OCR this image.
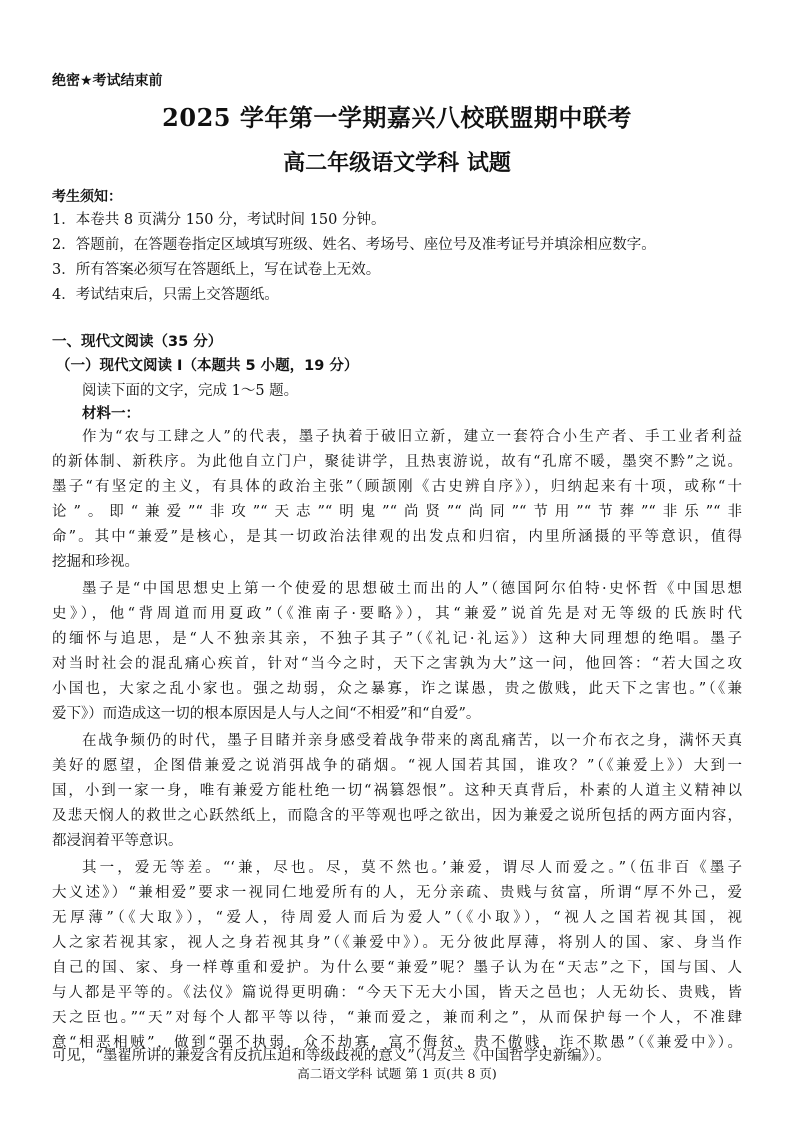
绝密★考试结束前
2025 学年第一学期嘉兴八校联盟期中联考
高二年级语文学科 试题
考生须知：
1．本卷共 8 页满分 150 分，考试时间 150 分钟。
2．答题前，在答题卷指定区域填写班级、姓名、考场号、座位号及准考证号并填涂相应数字。
3．所有答案必须写在答题纸上，写在试卷上无效。
4．考试结束后，只需上交答题纸。
一、现代文阅读（35 分）
（一）现代文阅读 I（本题共 5 小题，19 分）
阅读下面的文字，完成 1～5 题。
材料一：
作为“农与工肆之人”的代表，墨子执着于破旧立新，建立一套符合小生产者、手工业者利益
的新体制、新秩序。为此他自立门户，聚徒讲学，且热衷游说，故有“孔席不暖，墨突不黔”之说。
墨子“有坚定的主义，有具体的政治主张”（顾颉刚《古史辨自序》），归纳起来有十项，或称“十
论”。即“兼爱”“非攻”“天志”“明鬼”“尚贤”“尚同”“节用”“节葬”“非乐”“非
命”。其中“兼爱”是核心，是其一切政治法律观的出发点和归宿，内里所涵摄的平等意识，值得
挖掘和珍视。
墨子是“中国思想史上第一个使爱的思想破土而出的人”（德国阿尔伯特·史怀哲《中国思想
史》），他“背周道而用夏政”（《淮南子·要略》），其“兼爱”说首先是对无等级的氏族时代
的缅怀与追思，是“人不独亲其亲，不独子其子”（《礼记·礼运》）这种大同理想的绝唱。墨子
对当时社会的混乱痛心疾首，针对“当今之时，天下之害孰为大”这一问，他回答：“若大国之攻
小国也，大家之乱小家也。强之劫弱，众之暴寡，诈之谋愚，贵之傲贱，此天下之害也。”（《兼
爱下》）而造成这一切的根本原因是人与人之间“不相爱”和“自爱”。
在战争频仍的时代，墨子目睹并亲身感受着战争带来的离乱痛苦，以一介布衣之身，满怀天真
美好的愿望，企图借兼爱之说消弭战争的硝烟。“视人国若其国，谁攻？”（《兼爱上》）大到一
国，小到一家一身，唯有兼爱方能杜绝一切“祸篡怨恨”。这种天真背后，朴素的人道主义精神以
及悲天悯人的救世之心跃然纸上，而隐含的平等观也呼之欲出，因为兼爱之说所包括的两方面内容，
都浸润着平等意识。
其一，爱无等差。“‘兼，尽也。尽，莫不然也。’兼爱，谓尽人而爱之。”（伍非百《墨子
大义述》）“兼相爱”要求一视同仁地爱所有的人，无分亲疏、贵贱与贫富，所谓“厚不外己，爱
无厚薄”（《大取》），“爱人，待周爱人而后为爱人”（《小取》），“视人之国若视其国，视
人之家若视其家，视人之身若视其身”（《兼爱中》）。无分彼此厚薄，将别人的国、家、身当作
自己的国、家、身一样尊重和爱护。为什么要“兼爱”呢？墨子认为在“天志”之下，国与国、人
与人都是平等的。《法仪》篇说得更明确：“今天下无大小国，皆天之邑也；人无幼长、贵贱，皆
天之臣也。”“天”对每个人都平等以待，“兼而爱之，兼而利之”，从而保护每一个人，不准肆
意“相恶相贼”，做到“强不执弱，众不劫寡，富不侮贫，贵不傲贱，诈不欺愚”（《兼爱中》）。
高二语文学科 试题 第 1 页(共 8 页)
可见，“墨翟所讲的兼爱含有反抗压迫和等级歧视的意义”（冯友兰《中国哲学史新编》）。
